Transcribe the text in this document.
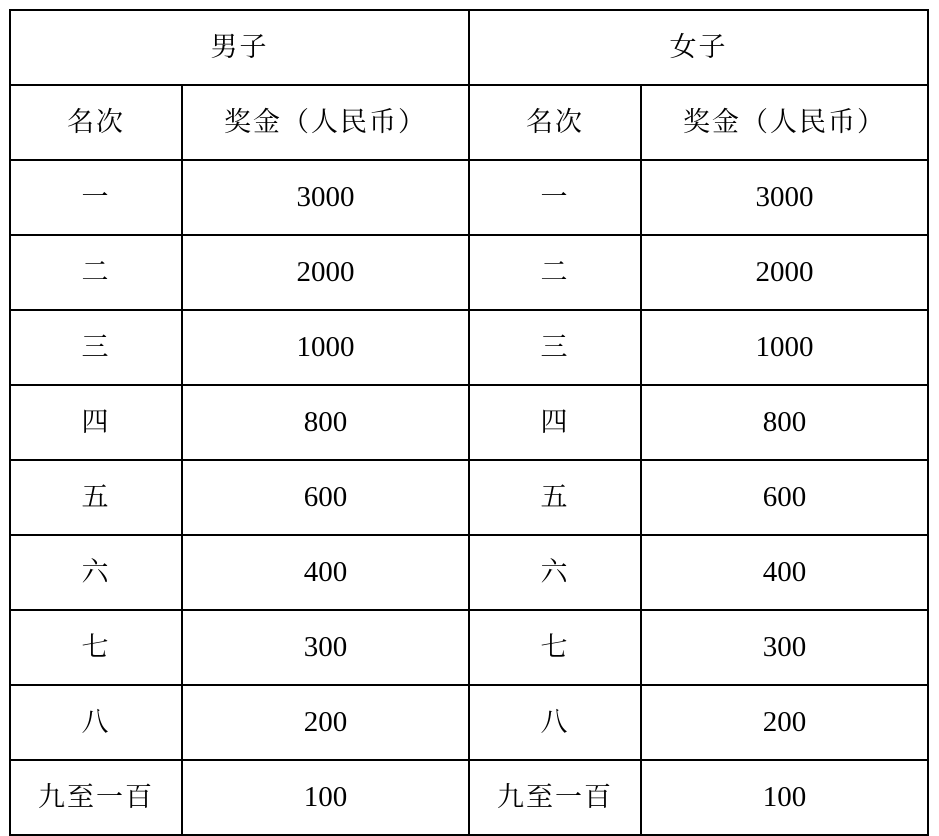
男子		女子	
名次	奖金（人民币）	名次	奖金（人民币）
一	3000	一	3000
二	2000	二	2000
三	1000	三	1000
四	800	四	800
五	600	五	600
六	400	六	400
七	300	七	300
八	200	八	200
九至一百	100	九至一百	100
